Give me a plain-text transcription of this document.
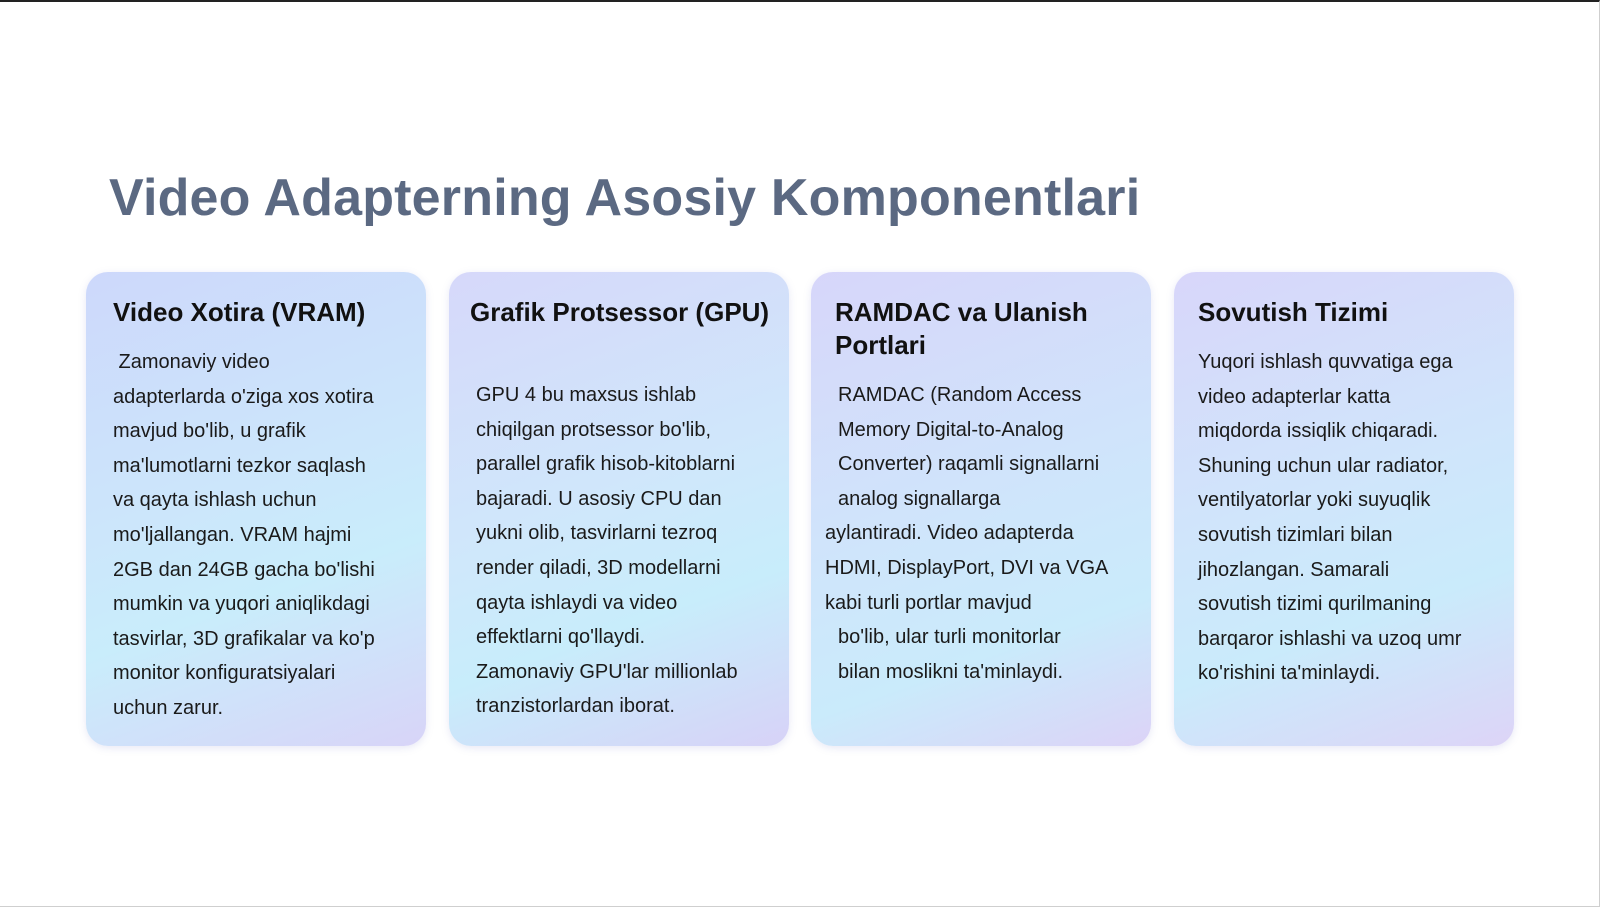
Video Adapterning Asosiy Komponentlari
Video Xotira (VRAM)

Zamonaviy video
adapterlarda o'ziga xos xotira
mavjud bo'lib, u grafik
ma'lumotlarni tezkor saqlash
va qayta ishlash uchun
mo'ljallangan. VRAM hajmi
2GB dan 24GB gacha bo'lishi
mumkin va yuqori aniqlikdagi
tasvirlar, 3D grafikalar va ko'p
monitor konfiguratsiyalari
uchun zarur.

Grafik Protsessor (GPU)

GPU 4 bu maxsus ishlab
chiqilgan protsessor bo'lib,
parallel grafik hisob-kitoblarni
bajaradi. U asosiy CPU dan
yukni olib, tasvirlarni tezroq
render qiladi, 3D modellarni
qayta ishlaydi va video
effektlarni qo'llaydi.
Zamonaviy GPU'lar millionlab
tranzistorlardan iborat.

RAMDAC va Ulanish Portlari

RAMDAC (Random Access
Memory Digital-to-Analog
Converter) raqamli signallarni
analog signallarga
aylantiradi. Video adapterda
HDMI, DisplayPort, DVI va VGA
kabi turli portlar mavjud
bo'lib, ular turli monitorlar
bilan moslikni ta'minlaydi.

Sovutish Tizimi

Yuqori ishlash quvvatiga ega
video adapterlar katta
miqdorda issiqlik chiqaradi.
Shuning uchun ular radiator,
ventilyatorlar yoki suyuqlik
sovutish tizimlari bilan
jihozlangan. Samarali
sovutish tizimi qurilmaning
barqaror ishlashi va uzoq umr
ko'rishini ta'minlaydi.
